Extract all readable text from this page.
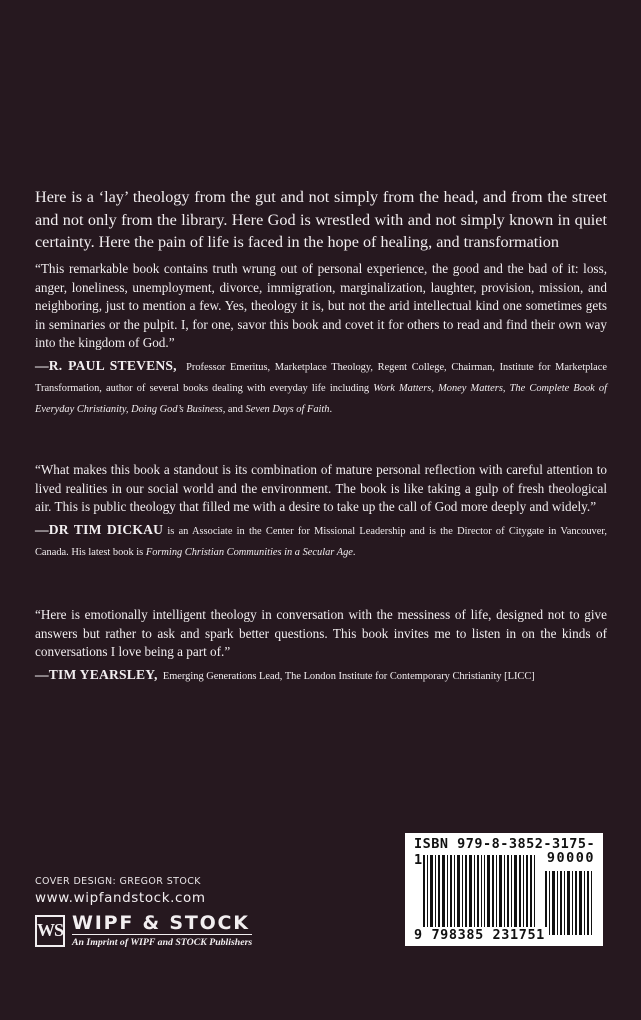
Here is a ‘lay’ theology from the gut and not simply from the head, and from the street and not only from the library. Here God is wrestled with and not simply known in quiet certainty. Here the pain of life is faced in the hope of healing, and transformation

“This remarkable book contains truth wrung out of personal experience, the good and the bad of it: loss, anger, loneliness, unemployment, divorce, immigration, marginalization, laughter, provision, mission, and neighboring, just to mention a few. Yes, theology it is, but not the arid intellectual kind one sometimes gets in seminaries or the pulpit. I, for one, savor this book and covet it for others to read and find their own way into the kingdom of God.”

—R. PAUL STEVENS, Professor Emeritus, Marketplace Theology, Regent College, Chairman, Institute for Marketplace Transformation, author of several books dealing with everyday life including Work Matters, Money Matters, The Complete Book of Everyday Christianity, Doing God’s Business, and Seven Days of Faith.

“What makes this book a standout is its combination of mature personal reflection with careful attention to lived realities in our social world and the environment. The book is like taking a gulp of fresh theological air. This is public theology that filled me with a desire to take up the call of God more deeply and widely.”

—DR TIM DICKAU is an Associate in the Center for Missional Leadership and is the Director of Citygate in Vancouver, Canada. His latest book is Forming Christian Communities in a Secular Age.

“Here is emotionally intelligent theology in conversation with the messiness of life, designed not to give answers but rather to ask and spark better questions. This book invites me to listen in on the kinds of conversations I love being a part of.”

—TIM YEARSLEY, Emerging Generations Lead, The London Institute for Contemporary Christianity [LICC]

COVER DESIGN: GREGOR STOCK
www.wipfandstock.com
WS WIPF & STOCK
An Imprint of WIPF and STOCK Publishers
ISBN 979-8-3852-3175-1	90000
9 798385 231751
